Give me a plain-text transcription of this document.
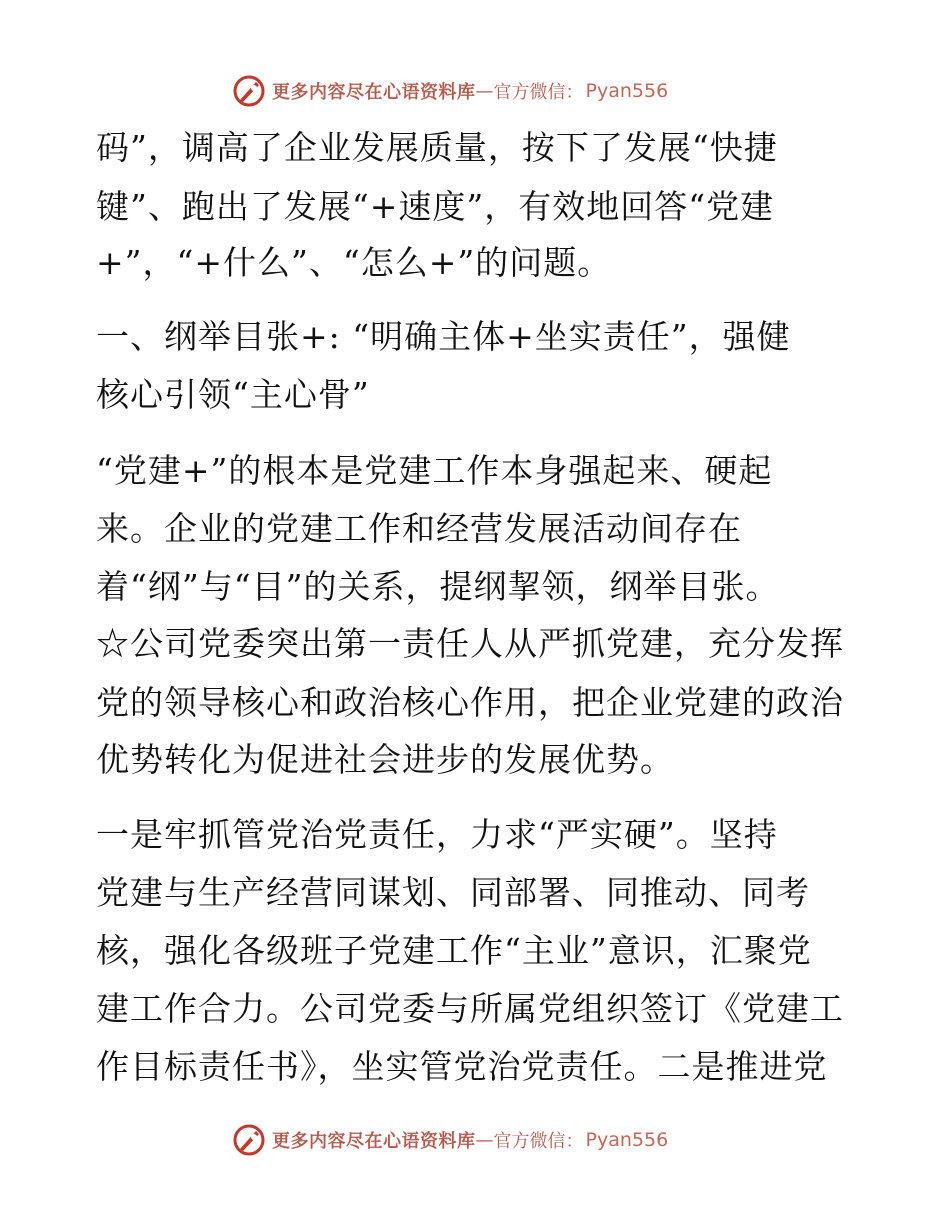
更多内容尽在心语资料库 — 官方微信： Pyan556
码”，调高了企业发展质量，按下了发展“快捷
键”、跑出了发展“+速度”，有效地回答“党建
+”，“+什么”、“怎么+”的问题。
一、纲举目张+: “明确主体+坐实责任”，强健
核心引领“主心骨”
“党建+”的根本是党建工作本身强起来、硬起
来。企业的党建工作和经营发展活动间存在
着“纲”与“目”的关系，提纲挈领，纲举目张。
☆公司党委突出第一责任人从严抓党建，充分发挥
党的领导核心和政治核心作用，把企业党建的政治
优势转化为促进社会进步的发展优势。
一是牢抓管党治党责任，力求“严实硬”。坚持
党建与生产经营同谋划、同部署、同推动、同考
核，强化各级班子党建工作“主业”意识，汇聚党
建工作合力。公司党委与所属党组织签订《党建工
作目标责任书》，坐实管党治党责任。二是推进党
更多内容尽在心语资料库 — 官方微信： Pyan556
